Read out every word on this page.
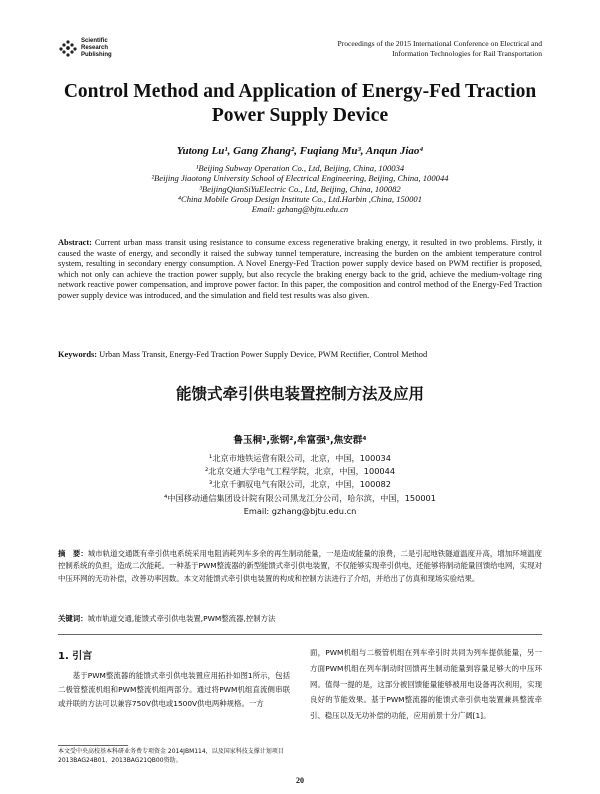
Scientific
Research
Publishing
Proceedings of the 2015 International Conference on Electrical and
Information Technologies for Rail Transportation
Control Method and Application of Energy-Fed Traction
Power Supply Device
Yutong Lu¹, Gang Zhang², Fuqiang Mu³, Anqun Jiao⁴
¹Beijing Subway Operation Co., Ltd, Beijing, China, 100034
²Beijing Jiaotong University School of Electrical Engineering, Beijing, China, 100044
³BeijingQianSiYuElectric Co., Ltd, Beijing, China, 100082
⁴China Mobile Group Design Institute Co., Ltd.Harbin ,China, 150001
Email: gzhang@bjtu.edu.cn

Abstract: Current urban mass transit using resistance to consume excess regenerative braking energy, it resulted in two problems. Firstly, it caused the waste of energy, and secondly it raised the subway tunnel temperature, increasing the burden on the ambient temperature control system, resulting in secondary energy consumption. A Novel Energy-Fed Traction power supply device based on PWM rectifier is proposed, which not only can achieve the traction power supply, but also recycle the braking energy back to the grid, achieve the medium-voltage ring network reactive power compensation, and improve power factor. In this paper, the composition and control method of the Energy-Fed Traction power supply device was introduced, and the simulation and field test results was also given.

Keywords: Urban Mass Transit, Energy-Fed Traction Power Supply Device, PWM Rectifier, Control Method

能馈式牵引供电装置控制方法及应用
鲁玉桐¹,张钢²,牟富强³,焦安群⁴
¹北京市地铁运营有限公司，北京，中国，100034
²北京交通大学电气工程学院，北京，中国，100044
³北京千驷驭电气有限公司，北京，中国，100082
⁴中国移动通信集团设计院有限公司黑龙江分公司，哈尔滨，中国，150001
Email: gzhang@bjtu.edu.cn

摘　要：城市轨道交通既有牵引供电系统采用电阻消耗列车多余的再生制动能量，一是造成能量的浪费，二是引起地铁隧道温度升高，增加环境温度控制系统的负担，造成二次能耗。一种基于PWM整流器的新型能馈式牵引供电装置，不仅能够实现牵引供电，还能够将制动能量回馈给电网，实现对中压环网的无功补偿，改善功率因数。本文对能馈式牵引供电装置的构成和控制方法进行了介绍，并给出了仿真和现场实验结果。

关键词：城市轨道交通,能馈式牵引供电装置,PWM整流器,控制方法

1. 引言

基于PWM整流器的能馈式牵引供电装置应用拓扑如图1所示，包括二极管整流机组和PWM整流机组两部分。通过将PWM机组直流侧串联或并联的方法可以兼容750V供电或1500V供电两种规格。一方

面，PWM机组与二极管机组在列车牵引时共同为列车提供能量，另一方面PWM机组在列车制动时回馈再生制动能量到容量足够大的中压环网。值得一提的是，这部分被回馈能量能够被用电设备再次利用，实现良好的节能效果。基于PWM整流器的能馈式牵引供电装置兼具整流牵引、稳压以及无功补偿的功能，应用前景十分广阔[1]。

本文受中央高校基本科研业务费专项资金 2014JBM114，以及国家科技支撑计划项目 2013BAG24B01、2013BAG21QB00资助。

20
